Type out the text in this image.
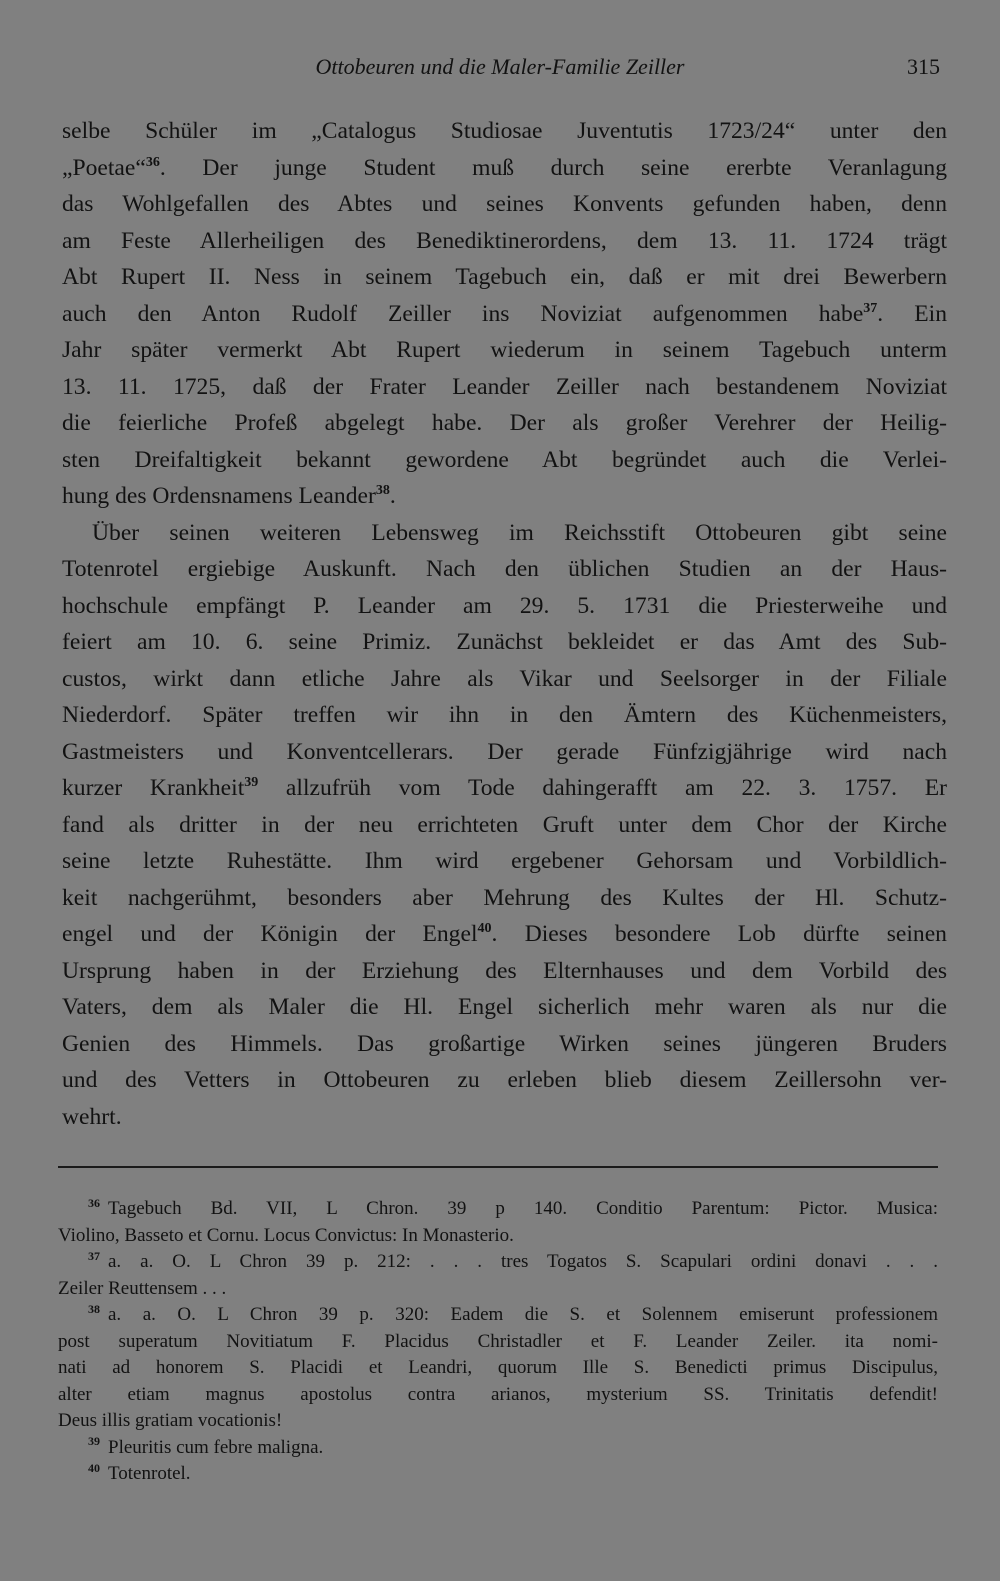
Ottobeuren und die Maler-Familie Zeiller	315
selbe Schüler im „Catalogus Studiosae Juventutis 1723/24“ unter den
„Poetae“$^{36}$. Der junge Student muß durch seine ererbte Veranlagung
das Wohlgefallen des Abtes und seines Konvents gefunden haben, denn
am Feste Allerheiligen des Benediktinerordens, dem 13. 11. 1724 trägt
Abt Rupert II. Ness in seinem Tagebuch ein, daß er mit drei Bewerbern
auch den Anton Rudolf Zeiller ins Noviziat aufgenommen habe$^{37}$. Ein
Jahr später vermerkt Abt Rupert wiederum in seinem Tagebuch unterm
13. 11. 1725, daß der Frater Leander Zeiller nach bestandenem Noviziat
die feierliche Profeß abgelegt habe. Der als großer Verehrer der Heilig-
sten Dreifaltigkeit bekannt gewordene Abt begründet auch die Verlei-
hung des Ordensnamens Leander$^{38}$.
Über seinen weiteren Lebensweg im Reichsstift Ottobeuren gibt seine
Totenrotel ergiebige Auskunft. Nach den üblichen Studien an der Haus-
hochschule empfängt P. Leander am 29. 5. 1731 die Priesterweihe und
feiert am 10. 6. seine Primiz. Zunächst bekleidet er das Amt des Sub-
custos, wirkt dann etliche Jahre als Vikar und Seelsorger in der Filiale
Niederdorf. Später treffen wir ihn in den Ämtern des Küchenmeisters,
Gastmeisters und Konventcellerars. Der gerade Fünfzigjährige wird nach
kurzer Krankheit$^{39}$ allzufrüh vom Tode dahingerafft am 22. 3. 1757. Er
fand als dritter in der neu errichteten Gruft unter dem Chor der Kirche
seine letzte Ruhestätte. Ihm wird ergebener Gehorsam und Vorbildlich-
keit nachgerühmt, besonders aber Mehrung des Kultes der Hl. Schutz-
engel und der Königin der Engel$^{40}$. Dieses besondere Lob dürfte seinen
Ursprung haben in der Erziehung des Elternhauses und dem Vorbild des
Vaters, dem als Maler die Hl. Engel sicherlich mehr waren als nur die
Genien des Himmels. Das großartige Wirken seines jüngeren Bruders
und des Vetters in Ottobeuren zu erleben blieb diesem Zeillersohn ver-
wehrt.
$^{36}$ Tagebuch Bd. VII, L Chron. 39 p 140. Conditio Parentum: Pictor. Musica:
Violino, Basseto et Cornu. Locus Convictus: In Monasterio.
$^{37}$ a. a. O. L Chron 39 p. 212: . . . tres Togatos S. Scapulari ordini donavi . . .
Zeiler Reuttensem . . .
$^{38}$ a. a. O. L Chron 39 p. 320: Eadem die S. et Solennem emiserunt professionem
post superatum Novitiatum F. Placidus Christadler et F. Leander Zeiler. ita nomi-
nati ad honorem S. Placidi et Leandri, quorum Ille S. Benedicti primus Discipulus,
alter etiam magnus apostolus contra arianos, mysterium SS. Trinitatis defendit!
Deus illis gratiam vocationis!
$^{39}$ Pleuritis cum febre maligna.
$^{40}$ Totenrotel.
